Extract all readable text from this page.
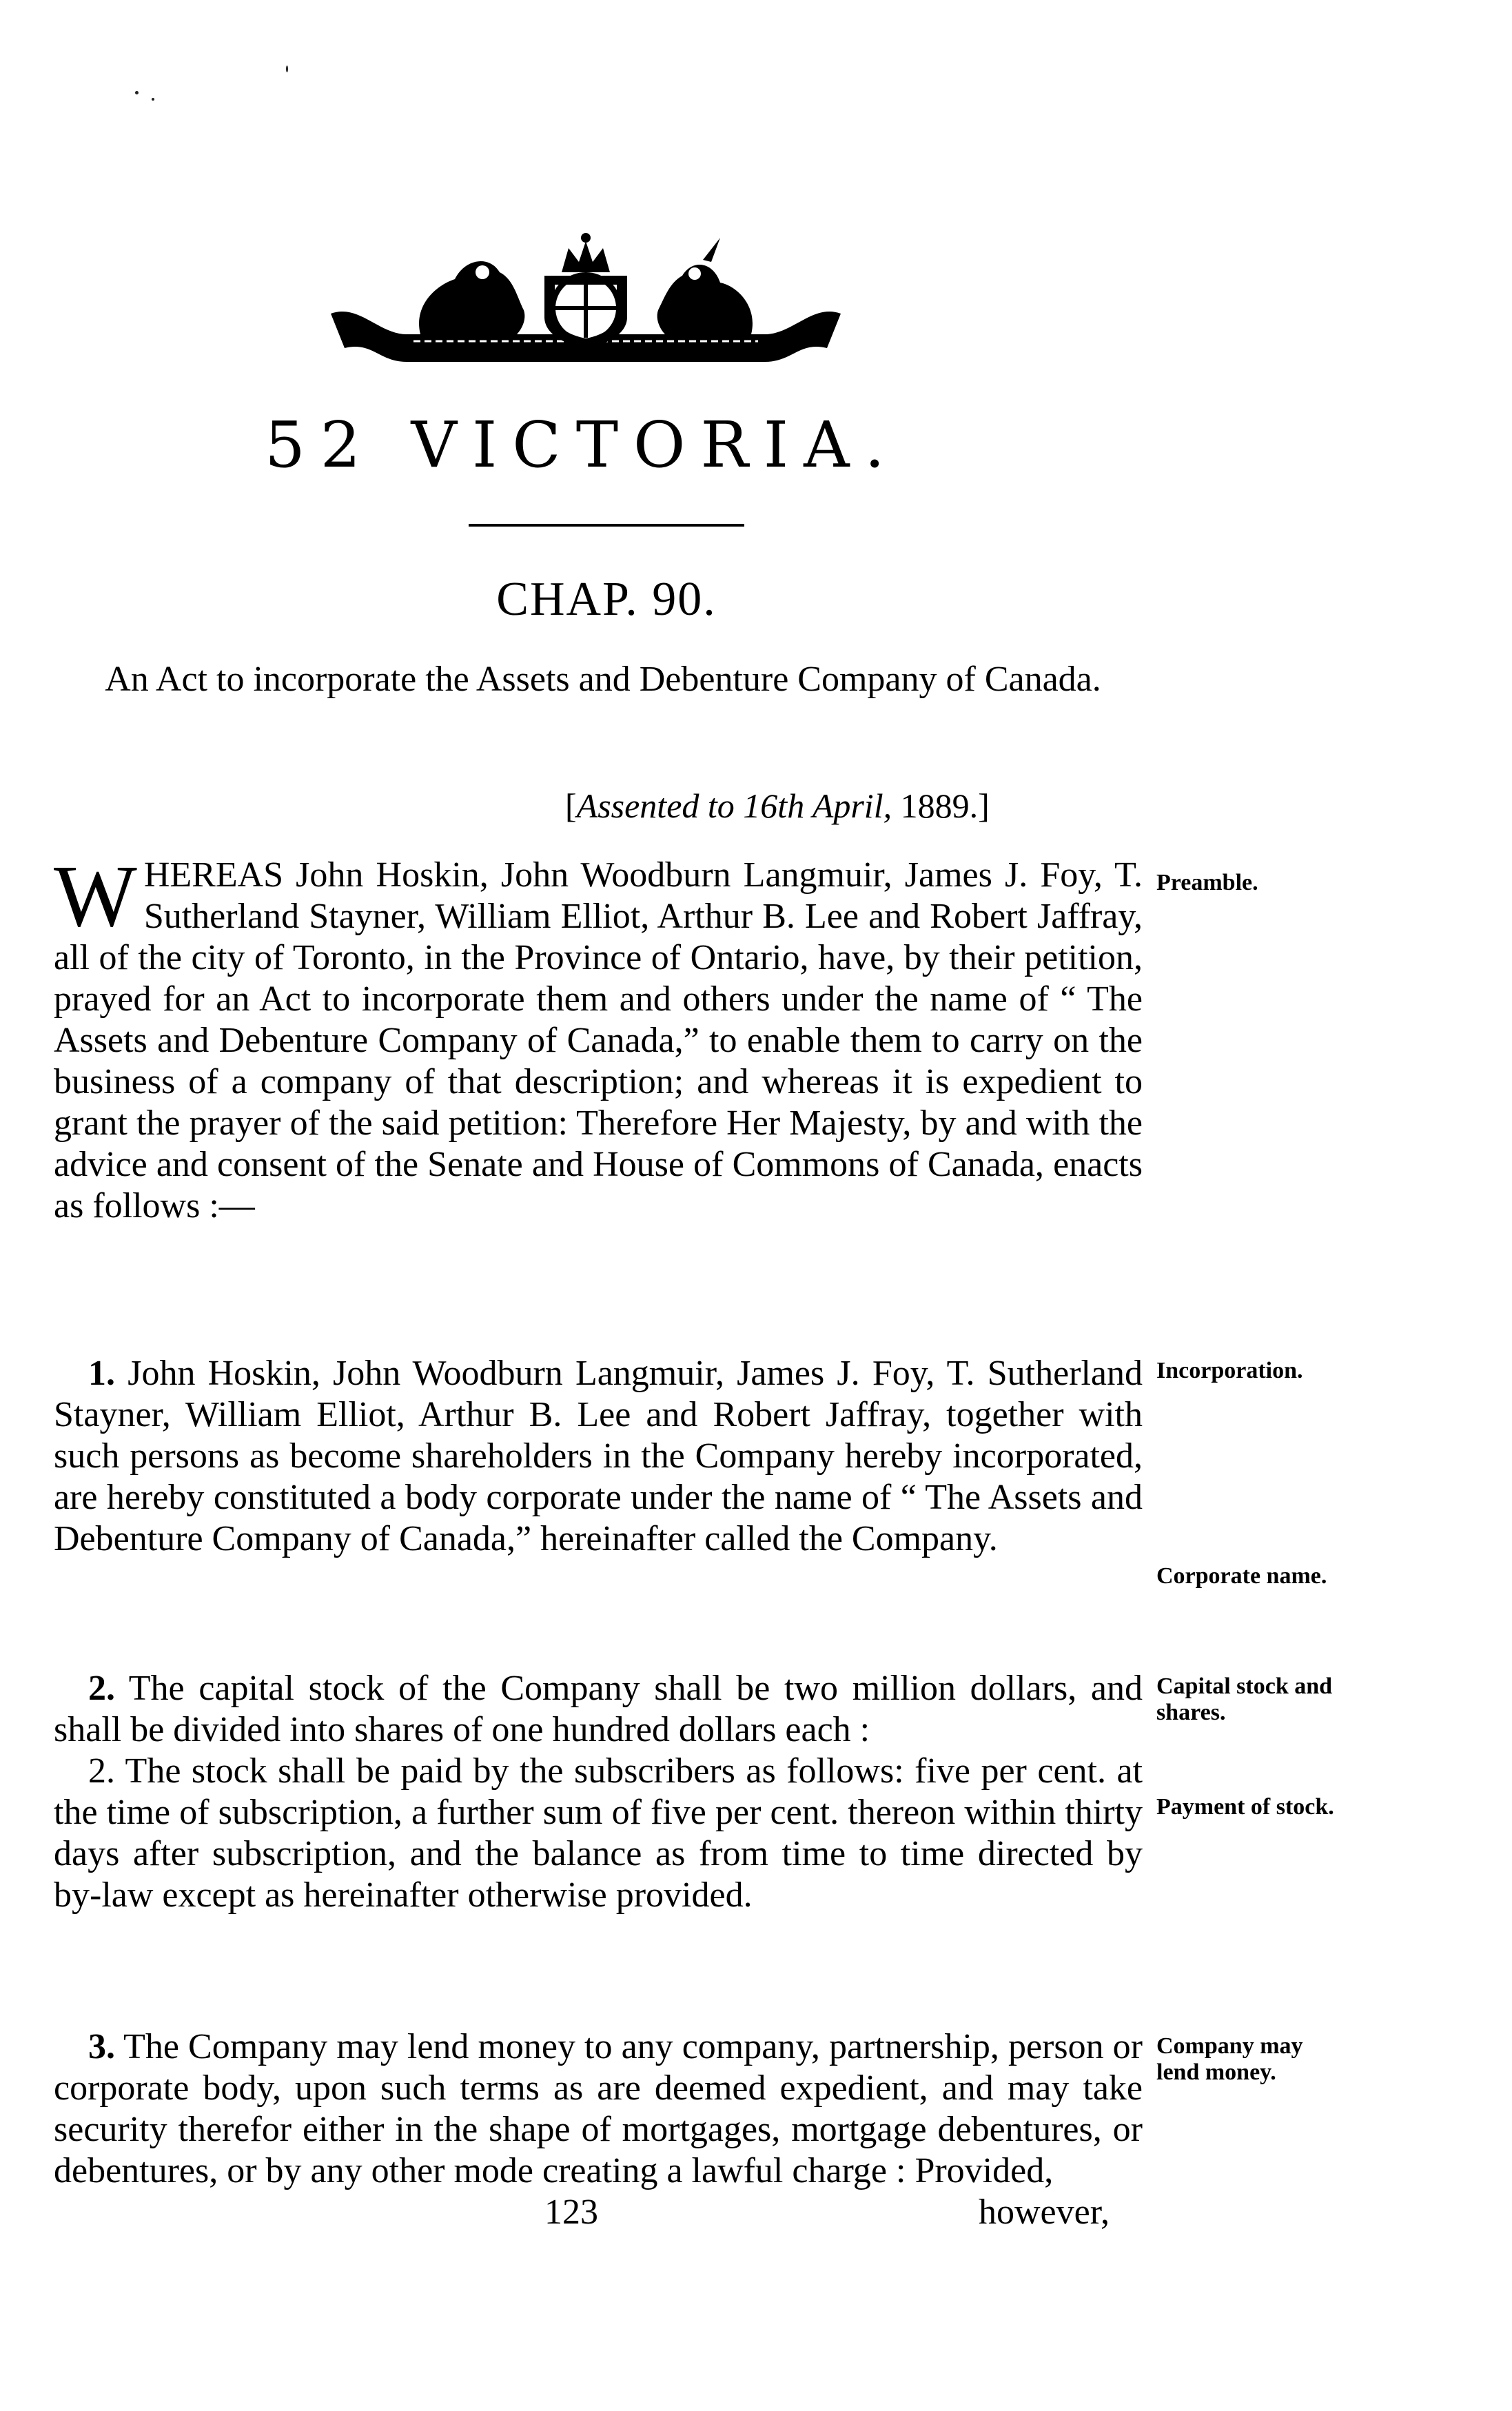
52 VICTORIA.
CHAP. 90.
An Act to incorporate the Assets and Debenture Company of Canada.
[Assented to 16th April, 1889.]

WHEREAS John Hoskin, John Woodburn Langmuir, James J. Foy, T. Sutherland Stayner, William Elliot, Arthur B. Lee and Robert Jaffray, all of the city of Toronto, in the Province of Ontario, have, by their petition, prayed for an Act to incorporate them and others under the name of “ The Assets and Debenture Company of Canada,” to enable them to carry on the business of a company of that description; and whereas it is expedient to grant the prayer of the said petition: Therefore Her Majesty, by and with the advice and consent of the Senate and House of Commons of Canada, enacts as follows :—

1. John Hoskin, John Woodburn Langmuir, James J. Foy, T. Sutherland Stayner, William Elliot, Arthur B. Lee and Robert Jaffray, together with such persons as become shareholders in the Company hereby incorporated, are hereby constituted a body corporate under the name of “ The Assets and Debenture Company of Canada,” hereinafter called the Company.

2. The capital stock of the Company shall be two million dollars, and shall be divided into shares of one hundred dollars each :

2. The stock shall be paid by the subscribers as follows: five per cent. at the time of subscription, a further sum of five per cent. thereon within thirty days after subscription, and the balance as from time to time directed by by-law except as hereinafter otherwise provided.

3. The Company may lend money to any company, partnership, person or corporate body, upon such terms as are deemed expedient, and may take security therefor either in the shape of mortgages, mortgage debentures, or debentures, or by any other mode creating a lawful charge : Provided,

Preamble.
Incorporation.
Corporate name.
Capital stock and shares.
Payment of stock.
Company may lend money.
123	however,
